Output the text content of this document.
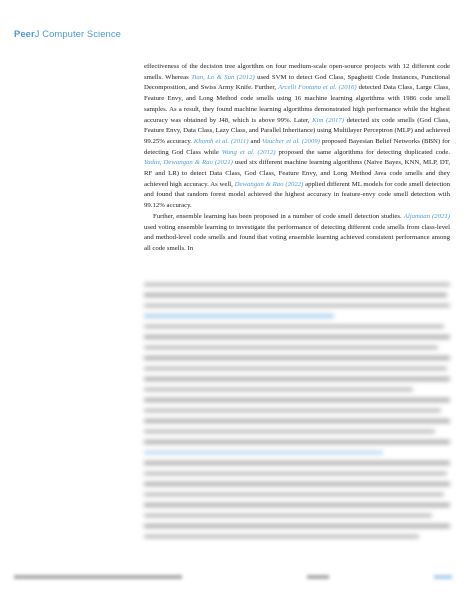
PeerJ Computer Science

effectiveness of the decision tree algorithm on four medium-scale open-source projects with 12 different code smells. Whereas Tian, Lo & Sun (2012) used SVM to detect God Class, Spaghetti Code Instances, Functional Decomposition, and Swiss Army Knife. Further, Arcelli Fontana et al. (2016) detected Data Class, Large Class, Feature Envy, and Long Method code smells using 16 machine learning algorithms with 1986 code smell samples. As a result, they found machine learning algorithms demonstrated high performance while the highest accuracy was obtained by J48, which is above 99%. Later, Kim (2017) detected six code smells (God Class, Feature Envy, Data Class, Lazy Class, and Parallel Inheritance) using Multilayer Perceptron (MLP) and achieved 99.25% accuracy. Khomh et al. (2011) and Vaucher et al. (2009) proposed Bayesian Belief Networks (BBN) for detecting God Class while Wang et al. (2012) proposed the same algorithms for detecting duplicated code. Yadav, Dewangan & Rao (2021) used six different machine learning algorithms (Naive Bayes, KNN, MLP, DT, RF and LR) to detect Data Class, God Class, Feature Envy, and Long Method Java code smells and they achieved high accuracy. As well, Dewangan & Rao (2022) applied different ML models for code smell detection and found that random forest model achieved the highest accuracy in feature-envy code smell detection with 99.12% accuracy.

Further, ensemble learning has been proposed in a number of code smell detection studies. Aljamaan (2021) used voting ensemble learning to investigate the performance of detecting different code smells from class-level and method-level code smells and found that voting ensemble learning achieved consistent performance among all code smells. In
